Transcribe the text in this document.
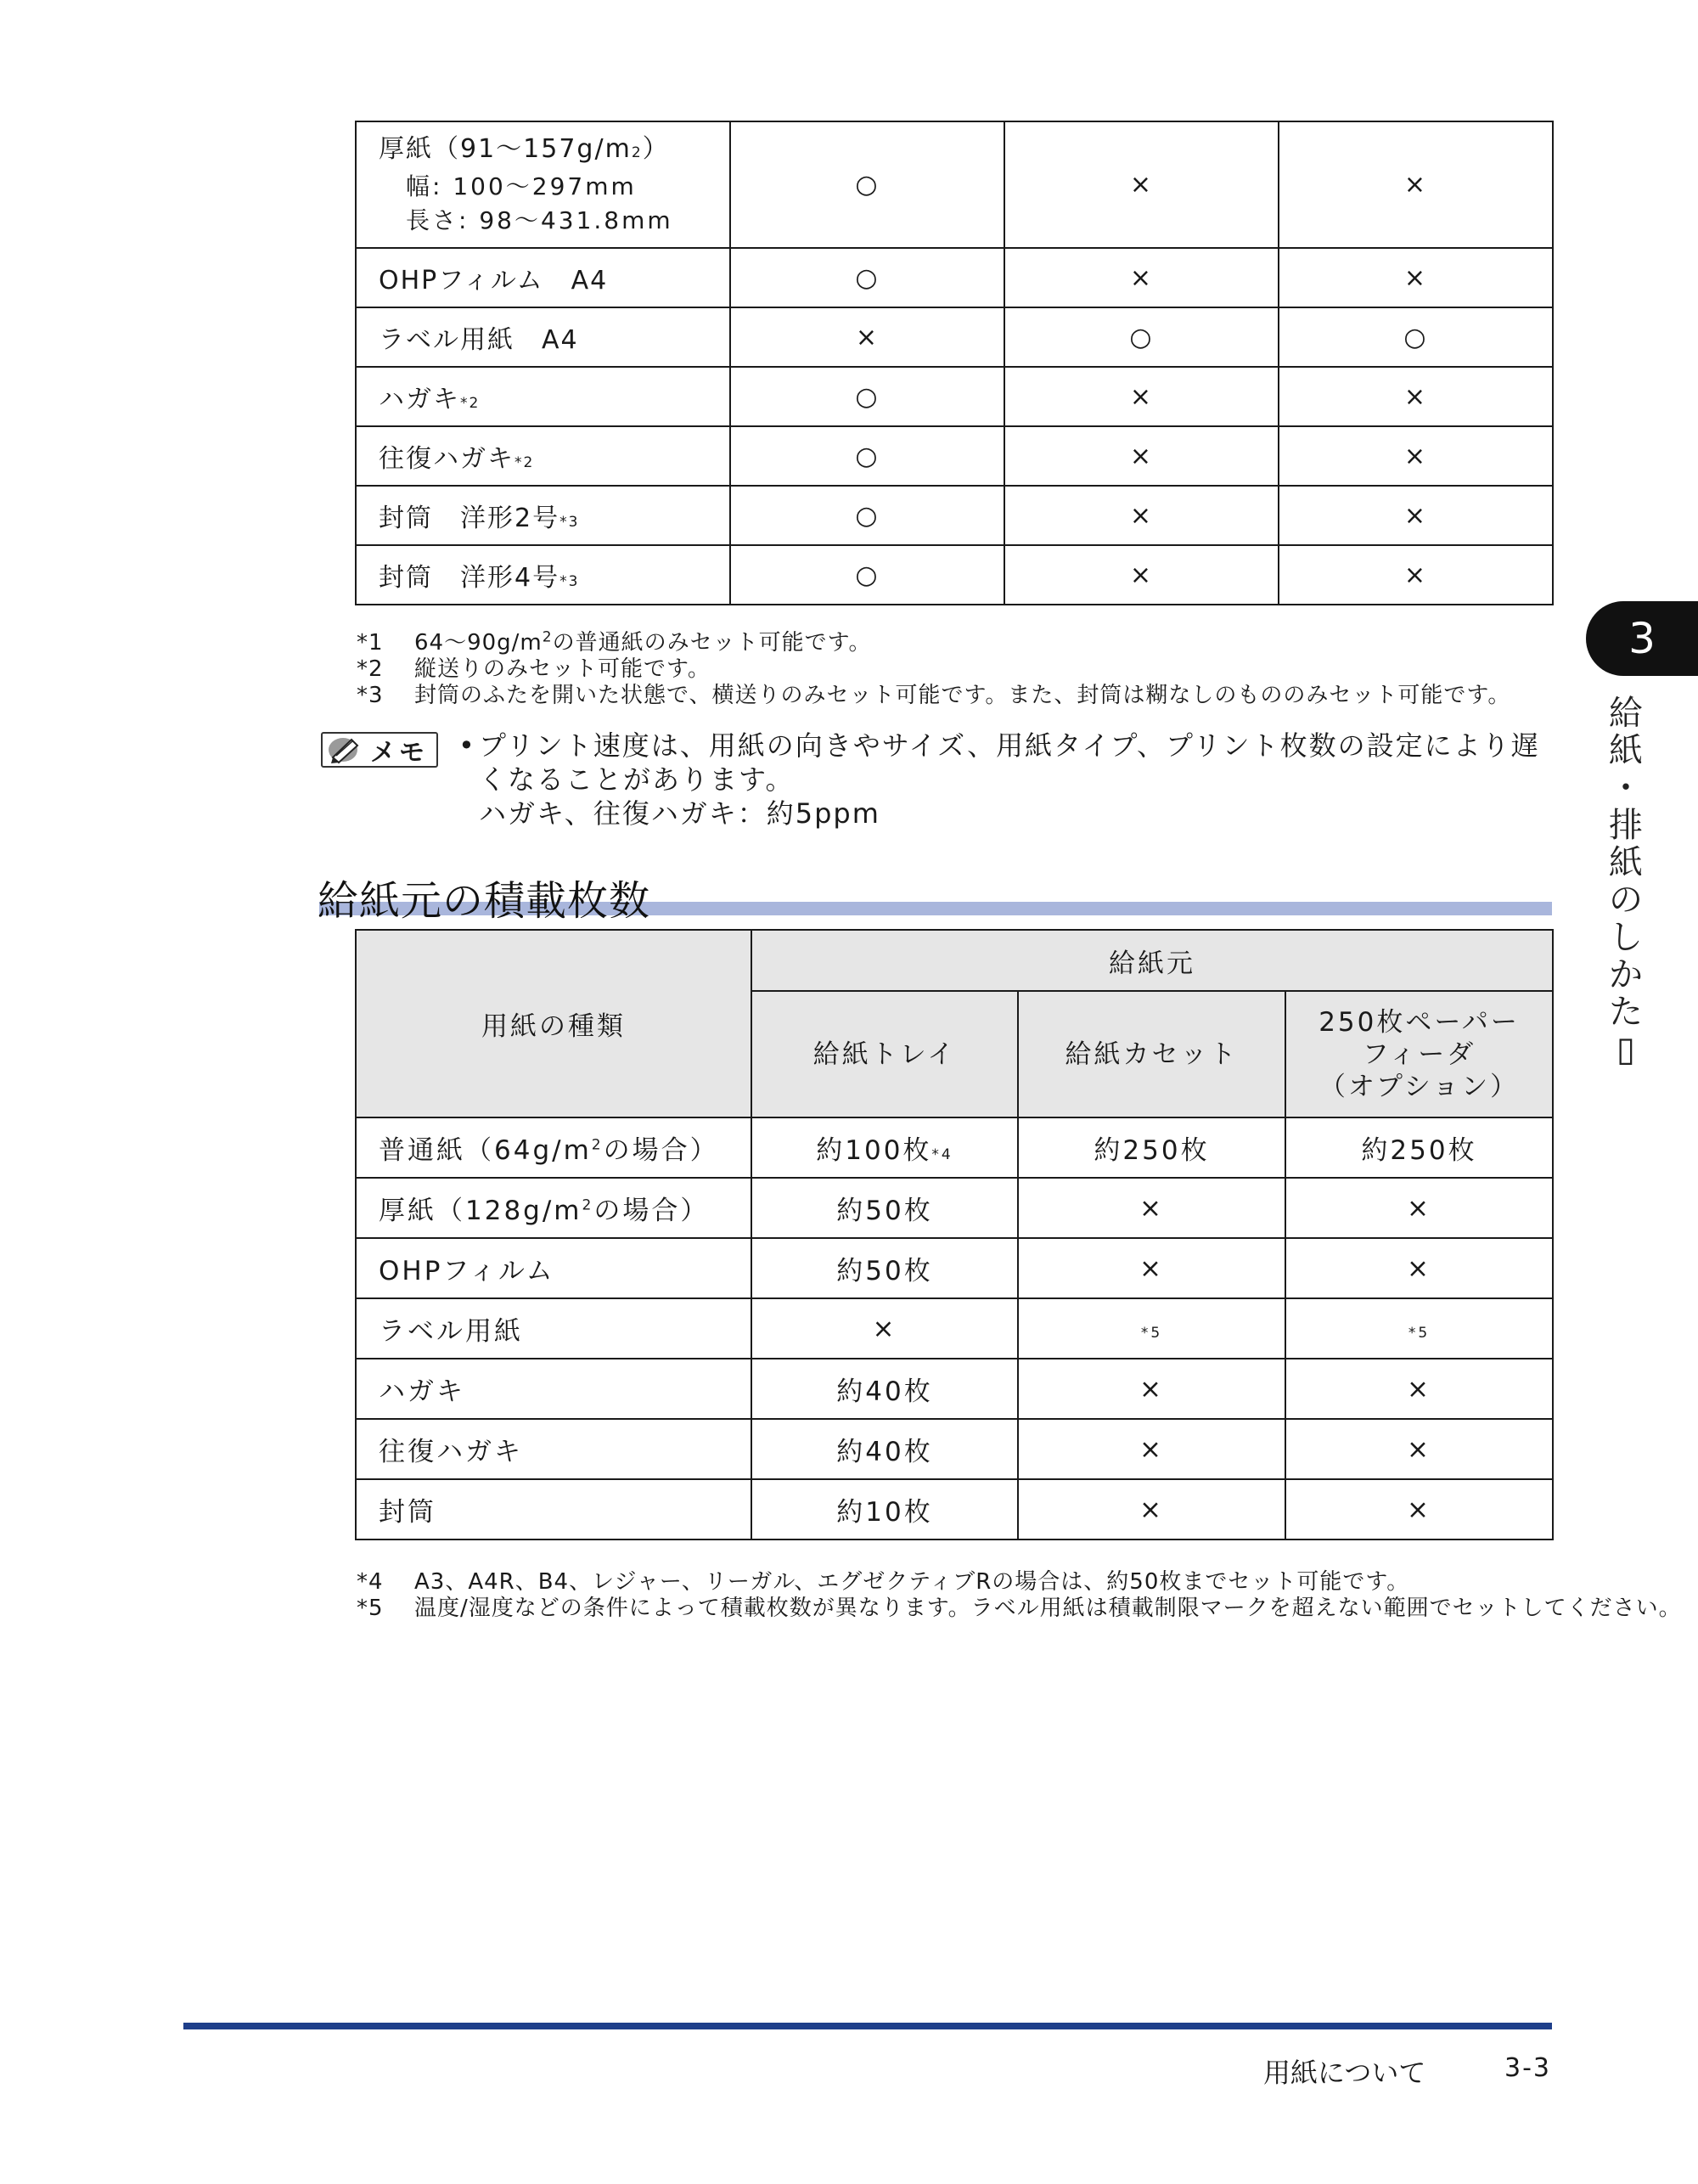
厚紙（91～157g/m2）
幅: 100～297mm
長さ: 98～431.8mm	○	×	×
OHPフィルム　A4	○	×	×
ラベル用紙　A4	×	○	○
ハガキ*2	○	×	×
往復ハガキ*2	○	×	×
封筒　洋形2号*3	○	×	×
封筒　洋形4号*3	○	×	×
*1	$64\sim 90g/m^2$の普通紙のみセット可能です。
*2	縦送りのみセット可能です。
*3	封筒のふたを開いた状態で、横送りのみセット可能です。また、封筒は糊なしのもののみセット可能です。
メモ • プリント速度は、用紙の向きやサイズ、用紙タイプ、プリント枚数の設定により遅くなることがあります。
ハガキ、往復ハガキ：約5ppm
給紙元の積載枚数
用紙の種類	給紙元		
	給紙トレイ	給紙カセット	250枚ペーパー
フィーダ
（オプション）

普通紙（$64g/m^2$の場合）	約100枚*4	約250枚	約250枚
厚紙（$128g/m^2$の場合）	約50枚	×	×
OHPフィルム	約50枚	×	×
ラベル用紙	×	*5	*5
ハガキ	約40枚	×	×
往復ハガキ	約40枚	×	×
封筒	約10枚	×	×
*4	A3、A4R、B4、レジャー、リーガル、エグゼクティブRの場合は、約50枚までセット可能です。
*5	温度/湿度などの条件によって積載枚数が異なります。ラベル用紙は積載制限マークを超えない範囲でセットしてください。
3
給
紙
・
排
紙
の
し
か
た
▯
用紙について	3-3
